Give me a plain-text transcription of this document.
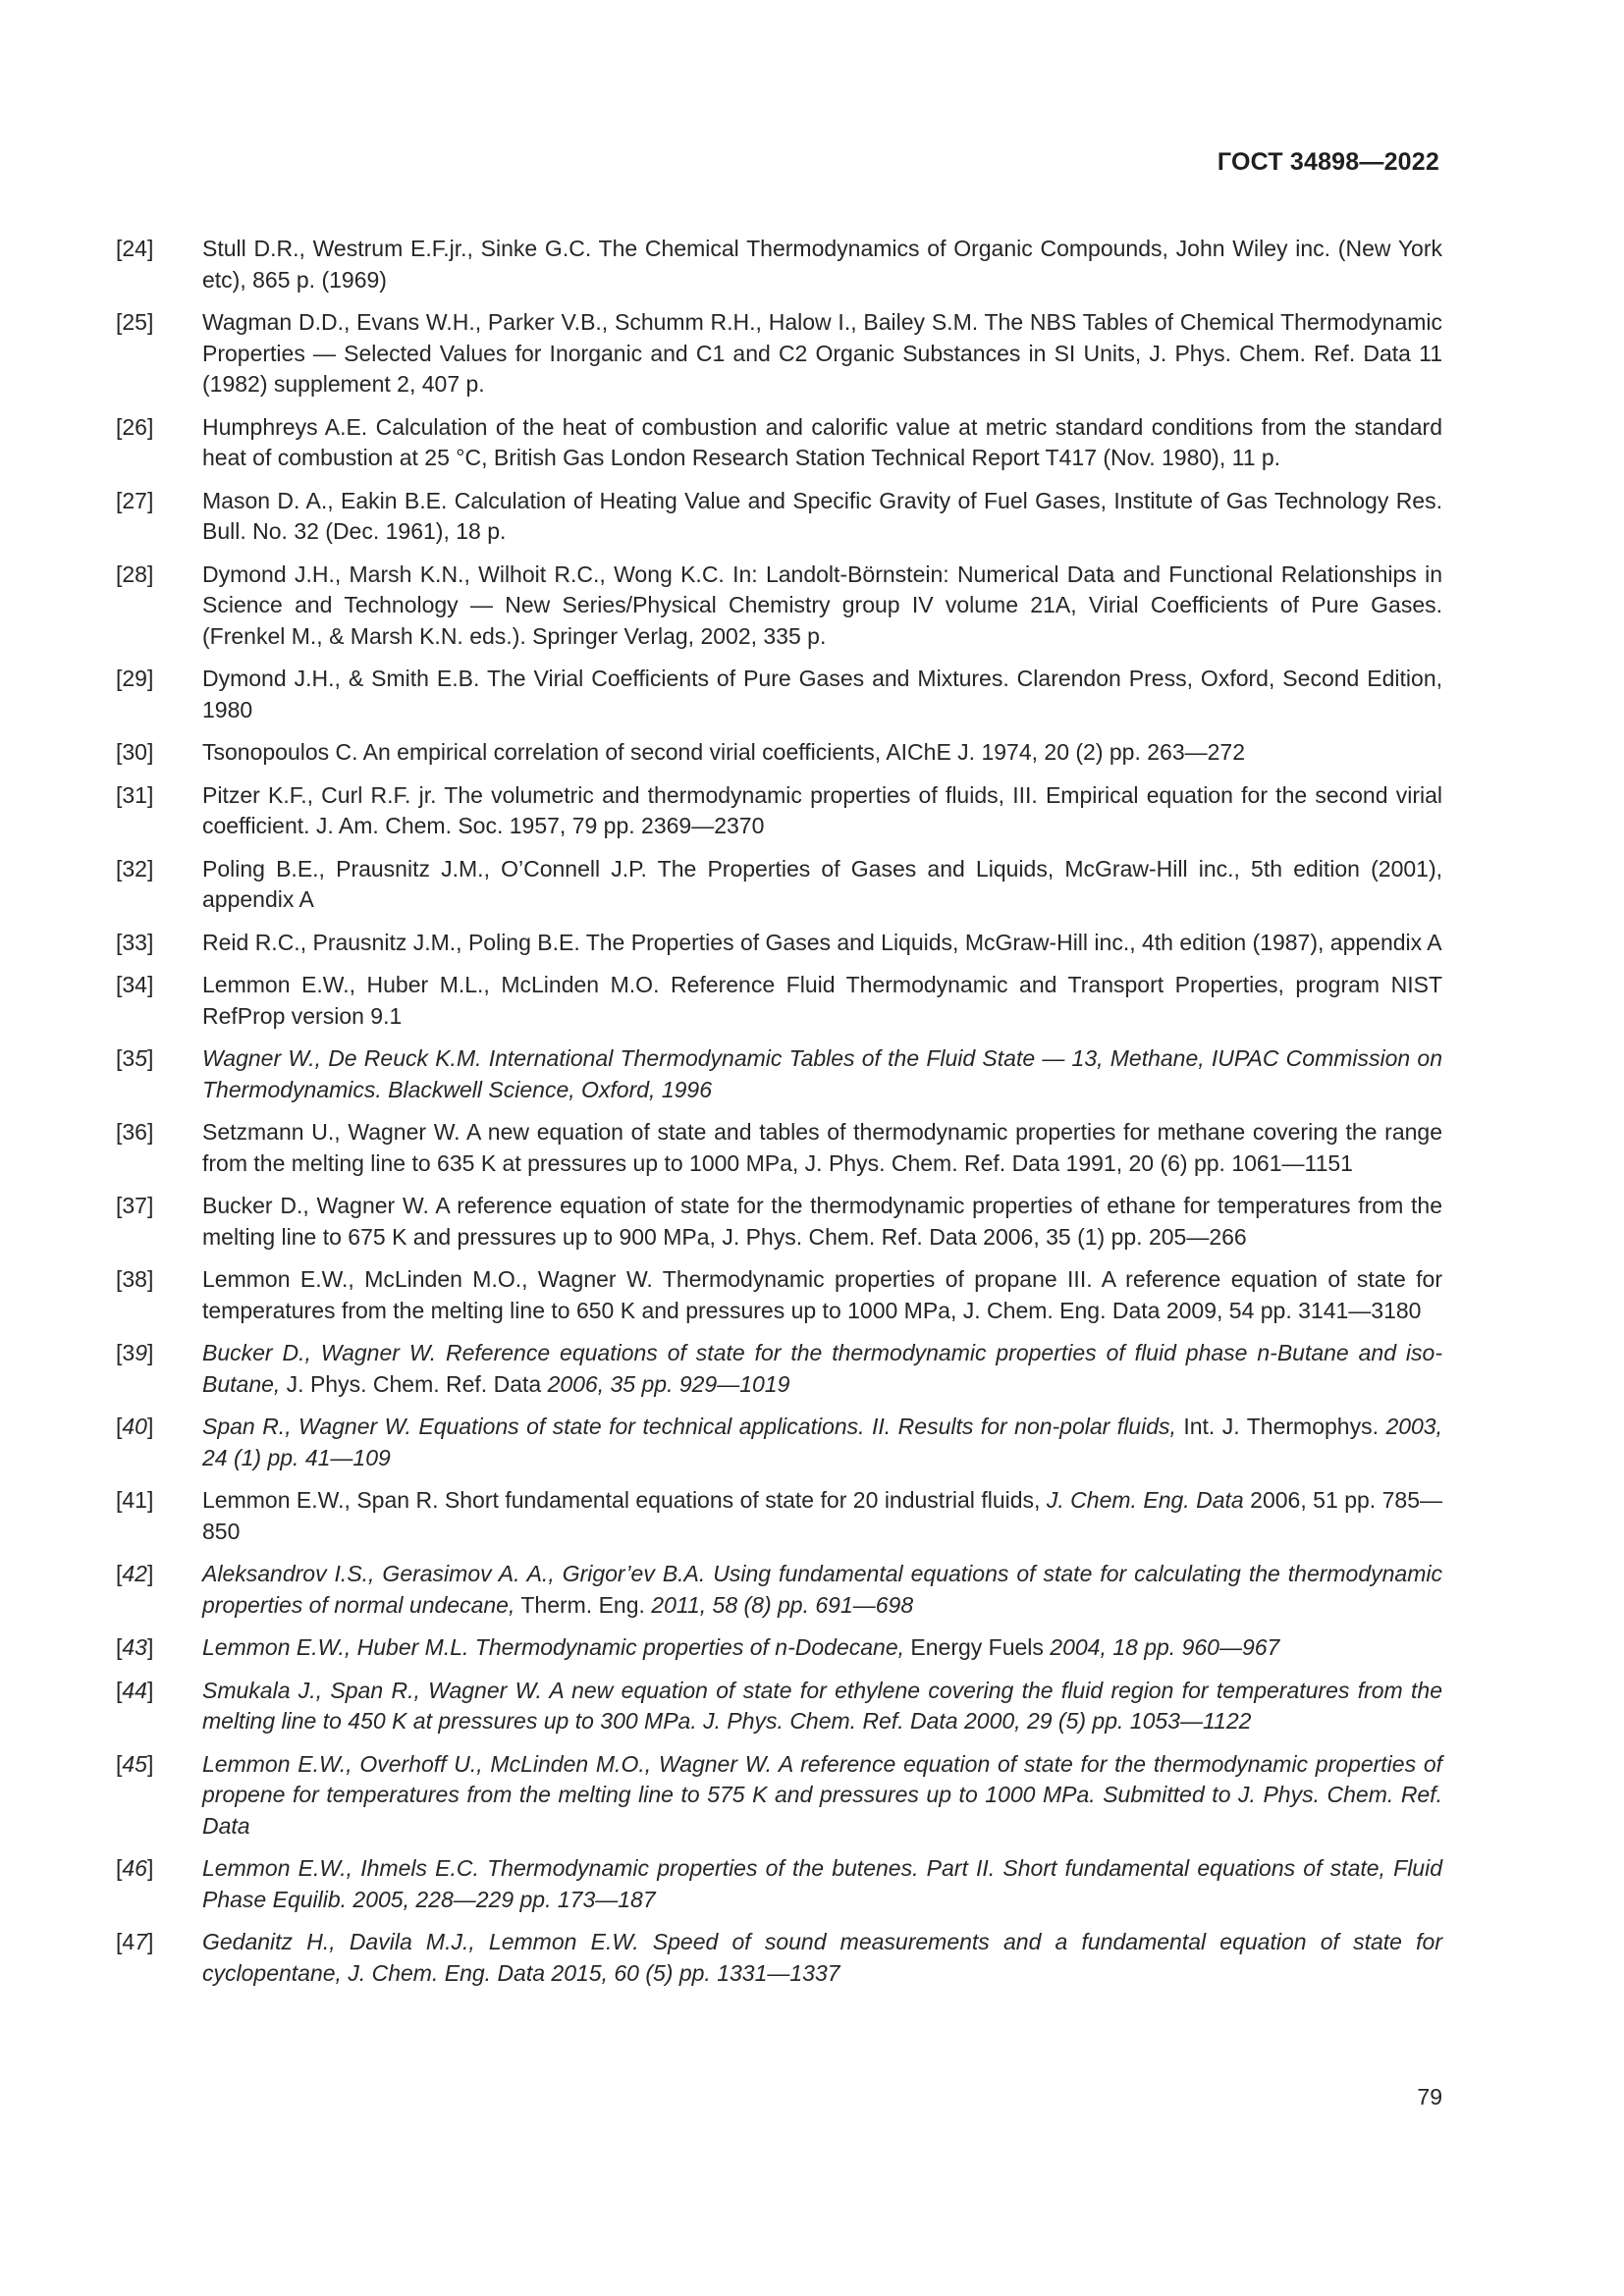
ГОСТ 34898—2022
[24]	Stull D.R., Westrum E.F.jr., Sinke G.C. The Chemical Thermodynamics of Organic Compounds, John Wiley inc. (New York etc), 865 p. (1969)
[25]	Wagman D.D., Evans W.H., Parker V.B., Schumm R.H., Halow I., Bailey S.M. The NBS Tables of Chemical Thermodynamic Properties — Selected Values for Inorganic and C1 and C2 Organic Substances in SI Units, J. Phys. Chem. Ref. Data 11 (1982) supplement 2, 407 p.
[26]	Humphreys A.E. Calculation of the heat of combustion and calorific value at metric standard conditions from the standard heat of combustion at 25 °C, British Gas London Research Station Technical Report T417 (Nov. 1980), 11 p.
[27]	Mason D. A., Eakin B.E. Calculation of Heating Value and Specific Gravity of Fuel Gases, Institute of Gas Technology Res. Bull. No. 32 (Dec. 1961), 18 p.
[28]	Dymond J.H., Marsh K.N., Wilhoit R.C., Wong K.C. In: Landolt-Börnstein: Numerical Data and Functional Relationships in Science and Technology — New Series/Physical Chemistry group IV volume 21A, Virial Coefficients of Pure Gases. (Frenkel M., & Marsh K.N. eds.). Springer Verlag, 2002, 335 p.
[29]	Dymond J.H., & Smith E.B. The Virial Coefficients of Pure Gases and Mixtures. Clarendon Press, Oxford, Second Edition, 1980
[30]	Tsonopoulos C. An empirical correlation of second virial coefficients, AIChE J. 1974, 20 (2) pp. 263—272
[31]	Pitzer K.F., Curl R.F. jr. The volumetric and thermodynamic properties of fluids, III. Empirical equation for the second virial coefficient. J. Am. Chem. Soc. 1957, 79 pp. 2369—2370
[32]	Poling B.E., Prausnitz J.M., O’Connell J.P. The Properties of Gases and Liquids, McGraw-Hill inc., 5th edition (2001), appendix A
[33]	Reid R.C., Prausnitz J.M., Poling B.E. The Properties of Gases and Liquids, McGraw-Hill inc., 4th edition (1987), appendix A
[34]	Lemmon E.W., Huber M.L., McLinden M.O. Reference Fluid Thermodynamic and Transport Properties, program NIST RefProp version 9.1
[35]	Wagner W., De Reuck K.M. International Thermodynamic Tables of the Fluid State — 13, Methane, IUPAC Commission on Thermodynamics. Blackwell Science, Oxford, 1996
[36]	Setzmann U., Wagner W. A new equation of state and tables of thermodynamic properties for methane covering the range from the melting line to 635 K at pressures up to 1000 MPa, J. Phys. Chem. Ref. Data 1991, 20 (6) pp. 1061—1151
[37]	Bucker D., Wagner W. A reference equation of state for the thermodynamic properties of ethane for temperatures from the melting line to 675 K and pressures up to 900 MPa, J. Phys. Chem. Ref. Data 2006, 35 (1) pp. 205—266
[38]	Lemmon E.W., McLinden M.O., Wagner W. Thermodynamic properties of propane III. A reference equation of state for temperatures from the melting line to 650 K and pressures up to 1000 MPa, J. Chem. Eng. Data 2009, 54 pp. 3141—3180
[39]	Bucker D., Wagner W. Reference equations of state for the thermodynamic properties of fluid phase n-Butane and iso-Butane, J. Phys. Chem. Ref. Data 2006, 35 pp. 929—1019
[40]	Span R., Wagner W. Equations of state for technical applications. II. Results for non-polar fluids, Int. J. Thermophys. 2003, 24 (1) pp. 41—109
[41]	Lemmon E.W., Span R. Short fundamental equations of state for 20 industrial fluids, J. Chem. Eng. Data 2006, 51 pp. 785—850
[42]	Aleksandrov I.S., Gerasimov A. A., Grigor’ev B.A. Using fundamental equations of state for calculating the thermodynamic properties of normal undecane, Therm. Eng. 2011, 58 (8) pp. 691—698
[43]	Lemmon E.W., Huber M.L. Thermodynamic properties of n-Dodecane, Energy Fuels 2004, 18 pp. 960—967
[44]	Smukala J., Span R., Wagner W. A new equation of state for ethylene covering the fluid region for temperatures from the melting line to 450 K at pressures up to 300 MPa. J. Phys. Chem. Ref. Data 2000, 29 (5) pp. 1053—1122
[45]	Lemmon E.W., Overhoff U., McLinden M.O., Wagner W. A reference equation of state for the thermodynamic properties of propene for temperatures from the melting line to 575 K and pressures up to 1000 MPa. Submitted to J. Phys. Chem. Ref. Data
[46]	Lemmon E.W., Ihmels E.C. Thermodynamic properties of the butenes. Part II. Short fundamental equations of state, Fluid Phase Equilib. 2005, 228—229 pp. 173—187
[47]	Gedanitz H., Davila M.J., Lemmon E.W. Speed of sound measurements and a fundamental equation of state for cyclopentane, J. Chem. Eng. Data 2015, 60 (5) pp. 1331—1337
79
